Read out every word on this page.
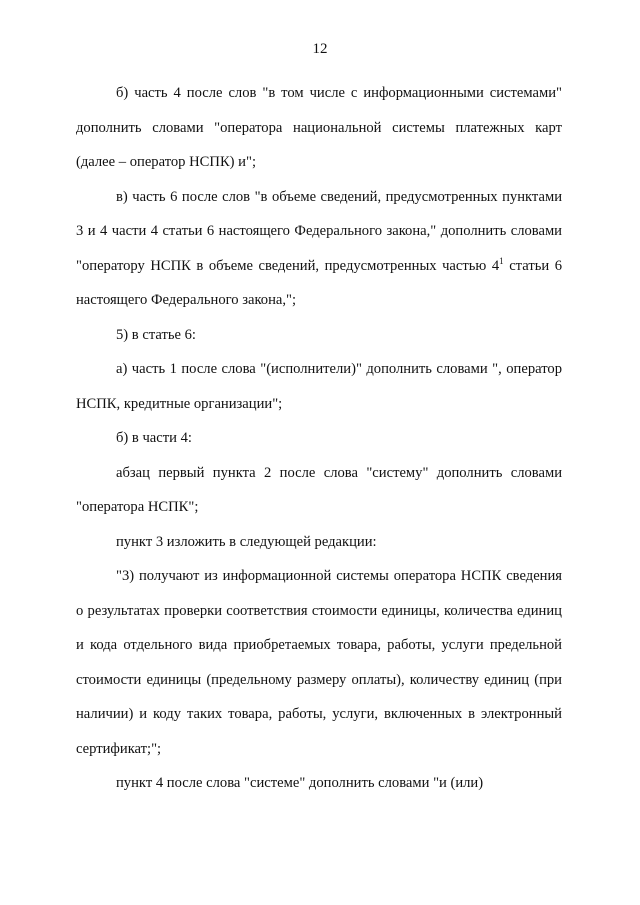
12

б) часть 4 после слов "в том числе с информационными системами" дополнить словами "оператора национальной системы платежных карт (далее – оператор НСПК) и";

в) часть 6 после слов "в объеме сведений, предусмотренных пунктами 3 и 4 части 4 статьи 6 настоящего Федерального закона," дополнить словами "оператору НСПК в объеме сведений, предусмотренных частью $4^1$ статьи 6 настоящего Федерального закона,";

5) в статье 6:

а) часть 1 после слова "(исполнители)" дополнить словами ", оператор НСПК, кредитные организации";

б) в части 4:

абзац первый пункта 2 после слова "систему" дополнить словами "оператора НСПК";

пункт 3 изложить в следующей редакции:

"3) получают из информационной системы оператора НСПК сведения о результатах проверки соответствия стоимости единицы, количества единиц и кода отдельного вида приобретаемых товара, работы, услуги предельной стоимости единицы (предельному размеру оплаты), количеству единиц (при наличии) и коду таких товара, работы, услуги, включенных в электронный сертификат;";

пункт 4 после слова "системе" дополнить словами "и (или)
